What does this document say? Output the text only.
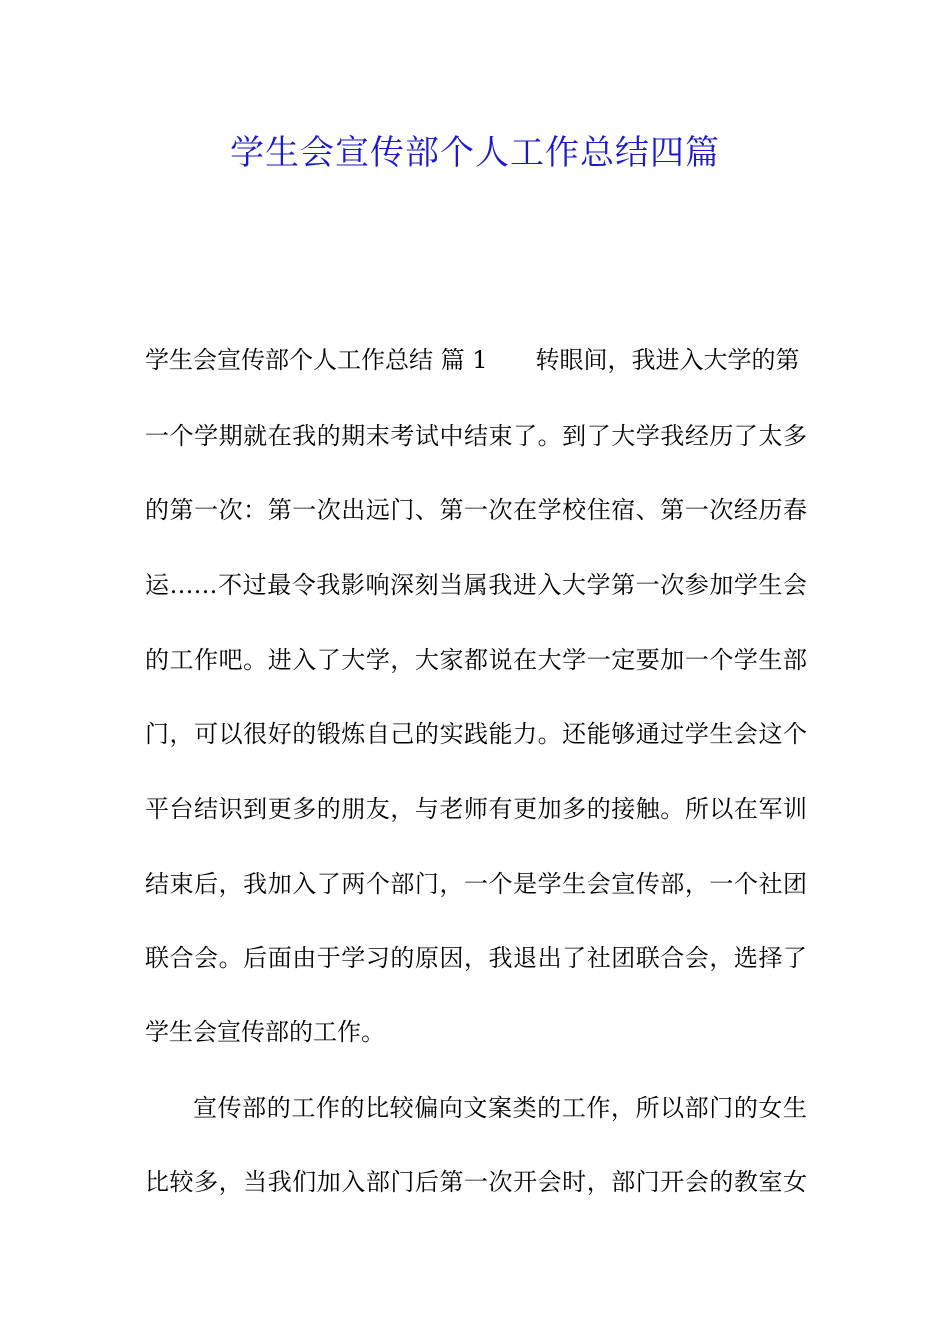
学生会宣传部个人工作总结四篇
学生会宣传部个人工作总结 篇 1 转眼间，我进入大学的第
一个学期就在我的期末考试中结束了。到了大学我经历了太多
的第一次：第一次出远门、第一次在学校住宿、第一次经历春
运……不过最令我影响深刻当属我进入大学第一次参加学生会
的工作吧。进入了大学，大家都说在大学一定要加一个学生部
门，可以很好的锻炼自己的实践能力。还能够通过学生会这个
平台结识到更多的朋友，与老师有更加多的接触。所以在军训
结束后，我加入了两个部门，一个是学生会宣传部，一个社团
联合会。后面由于学习的原因，我退出了社团联合会，选择了
学生会宣传部的工作。
宣传部的工作的比较偏向文案类的工作，所以部门的女生
比较多，当我们加入部门后第一次开会时，部门开会的教室女
